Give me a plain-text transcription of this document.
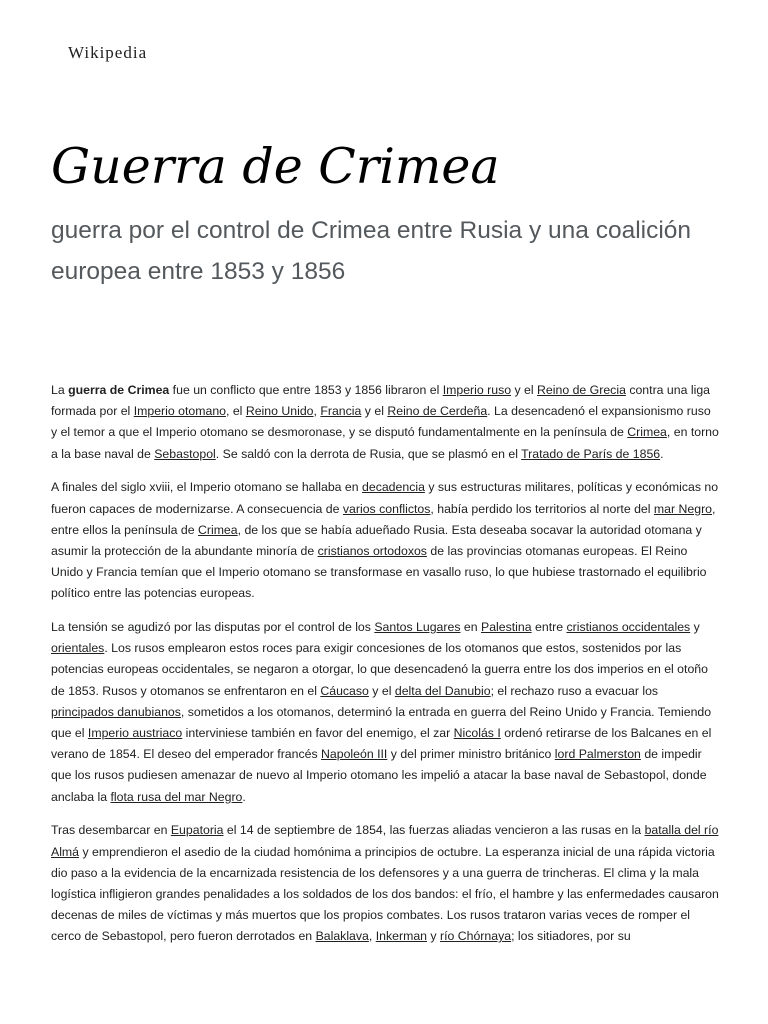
Wikipedia
Guerra de Crimea

guerra por el control de Crimea entre Rusia y una coalición europea entre 1853 y 1856

La guerra de Crimea fue un conflicto que entre 1853 y 1856 libraron el Imperio ruso y el Reino de Grecia contra una liga formada por el Imperio otomano, el Reino Unido, Francia y el Reino de Cerdeña. La desencadenó el expansionismo ruso y el temor a que el Imperio otomano se desmoronase, y se disputó fundamentalmente en la península de Crimea, en torno a la base naval de Sebastopol. Se saldó con la derrota de Rusia, que se plasmó en el Tratado de París de 1856.

A finales del siglo xviii, el Imperio otomano se hallaba en decadencia y sus estructuras militares, políticas y económicas no fueron capaces de modernizarse. A consecuencia de varios conflictos, había perdido los territorios al norte del mar Negro, entre ellos la península de Crimea, de los que se había adueñado Rusia. Esta deseaba socavar la autoridad otomana y asumir la protección de la abundante minoría de cristianos ortodoxos de las provincias otomanas europeas. El Reino Unido y Francia temían que el Imperio otomano se transformase en vasallo ruso, lo que hubiese trastornado el equilibrio político entre las potencias europeas.

La tensión se agudizó por las disputas por el control de los Santos Lugares en Palestina entre cristianos occidentales y orientales. Los rusos emplearon estos roces para exigir concesiones de los otomanos que estos, sostenidos por las potencias europeas occidentales, se negaron a otorgar, lo que desencadenó la guerra entre los dos imperios en el otoño de 1853. Rusos y otomanos se enfrentaron en el Cáucaso y el delta del Danubio; el rechazo ruso a evacuar los principados danubianos, sometidos a los otomanos, determinó la entrada en guerra del Reino Unido y Francia. Temiendo que el Imperio austriaco interviniese también en favor del enemigo, el zar Nicolás I ordenó retirarse de los Balcanes en el verano de 1854. El deseo del emperador francés Napoleón III y del primer ministro británico lord Palmerston de impedir que los rusos pudiesen amenazar de nuevo al Imperio otomano les impelió a atacar la base naval de Sebastopol, donde anclaba la flota rusa del mar Negro.

Tras desembarcar en Eupatoria el 14 de septiembre de 1854, las fuerzas aliadas vencieron a las rusas en la batalla del río Almá y emprendieron el asedio de la ciudad homónima a principios de octubre. La esperanza inicial de una rápida victoria dio paso a la evidencia de la encarnizada resistencia de los defensores y a una guerra de trincheras. El clima y la mala logística infligieron grandes penalidades a los soldados de los dos bandos: el frío, el hambre y las enfermedades causaron decenas de miles de víctimas y más muertos que los propios combates. Los rusos trataron varias veces de romper el cerco de Sebastopol, pero fueron derrotados en Balaklava, Inkerman y río Chórnaya; los sitiadores, por su
